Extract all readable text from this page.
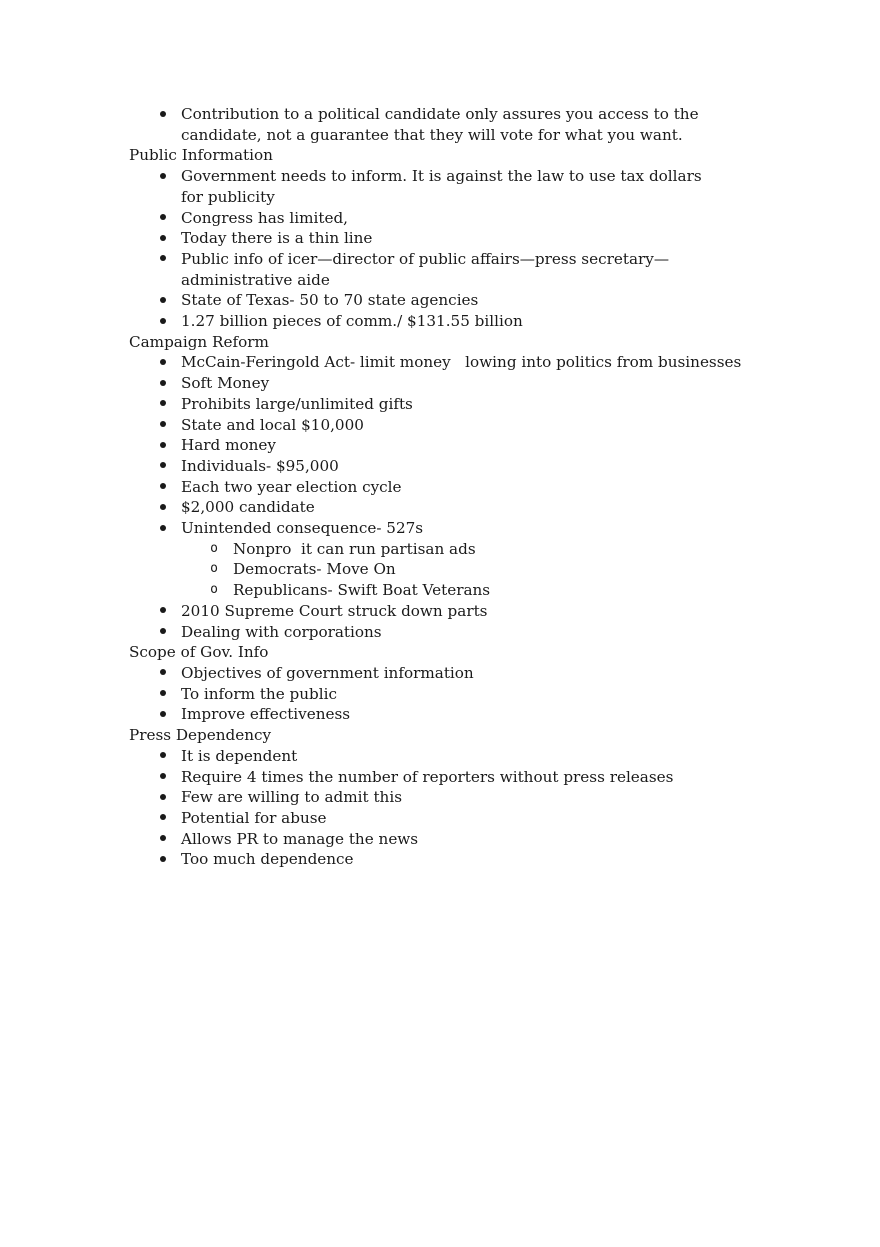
Contribution to a political candidate only assures you access to the candidate, not a guarantee that they will vote for what you want.
Public Information
Government needs to inform. It is against the law to use tax dollars for publicity
Congress has limited,
Today there is a thin line
Public info of icer—director of public affairs—press secretary—administrative aide
State of Texas- 50 to 70 state agencies
1.27 billion pieces of comm./ $131.55 billion
Campaign Reform
McCain-Feringold Act- limit money   lowing into politics from businesses
Soft Money
Prohibits large/unlimited gifts
State and local $10,000
Hard money
Individuals- $95,000
Each two year election cycle
$2,000 candidate
Unintended consequence- 527s
o
Nonpro  it can run partisan ads
o
Democrats- Move On
o
Republicans- Swift Boat Veterans
2010 Supreme Court struck down parts
Dealing with corporations
Scope of Gov. Info
Objectives of government information
To inform the public
Improve effectiveness
Press Dependency
It is dependent
Require 4 times the number of reporters without press releases
Few are willing to admit this
Potential for abuse
Allows PR to manage the news
Too much dependence
